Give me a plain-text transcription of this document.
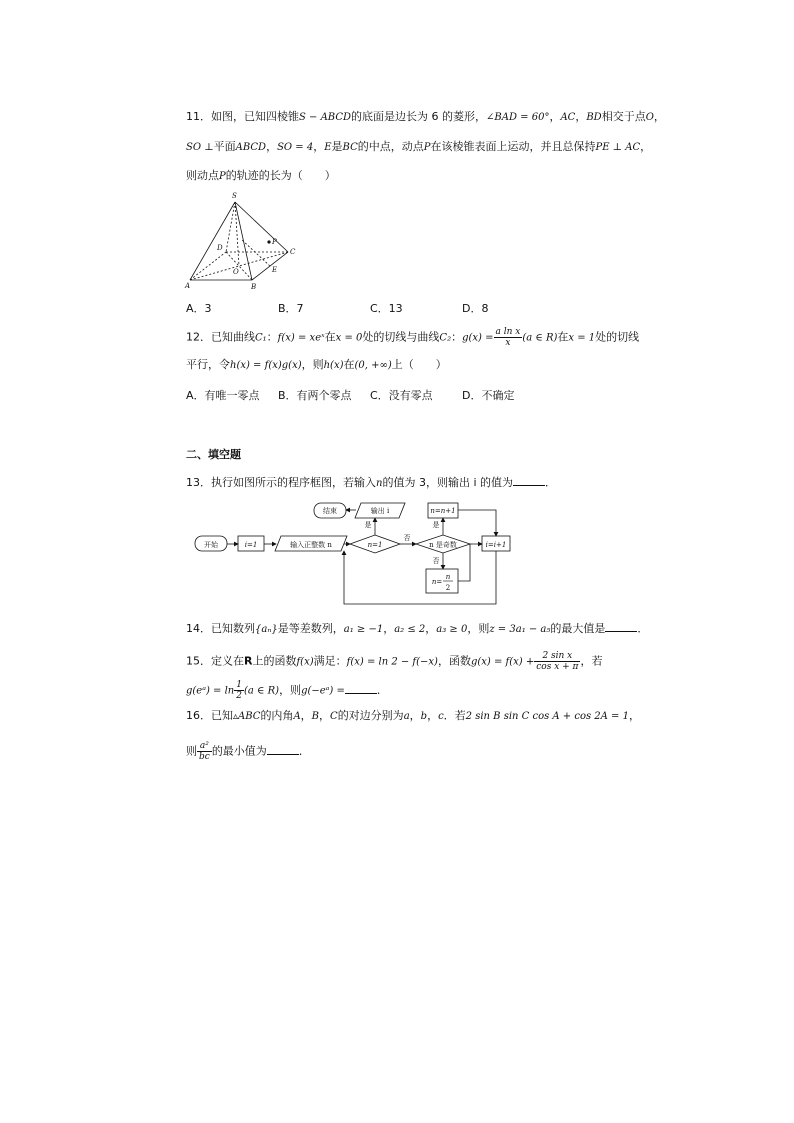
11．如图，已知四棱锥S − ABCD的底面是边长为 6 的菱形，∠BAD = 60°，AC，BD相交于点O，
SO ⊥平面ABCD，SO = 4，E是BC的中点，动点P在该棱锥表面上运动，并且总保持PE ⊥ AC，
则动点P的轨迹的长为（　　）
S
D
P
C
O	E
A	B
A．3	B．7	C．13	D．8
12．已知曲线C₁：f(x) = xeˣ在x = 0处的切线与曲线C₂：$g(x) = \frac{\text{a ln x}}{x} (a$ ∈ R)在x = 1处的切线
平行，令h(x) = f(x)g(x)，则h(x)在(0, +∞)上（　　）
A．有唯一零点 B．有两个零点 C．没有零点	D．不确定
二、填空题
13．执行如图所示的程序框图，若输入n的值为 3，则输出 i 的值为	．
开始	i=1	输入正整数 n	n=1
是
否
输出 i
结束
n 是奇数
是
否
n=n+1
n=
n
2
i=i+1
14．已知数列{aₙ}是等差数列，a₁ ≥ −1，a₂ ≤ 2，a₃ ≥ 0，则z = 3a₁ − a₅的最大值是	．
15．定义在R上的函数f(x)满足：f(x) = ln 2 − f(−x)，函数$g(x) = f(x) + \frac{\text{2 sin x}}{\text{cos x + π}}$ ，若
g(eᵃ) = $\ln \frac{1}{2} (a$ ∈ R)，则g(−eᵃ) =	．
16．已知▵ABC的内角A，B，C的对边分别为a，b，c．若2 sin B sin C cos A + cos 2A = 1，
则 $\frac{\text{a²}}{bc}$ 的最小值为	．
